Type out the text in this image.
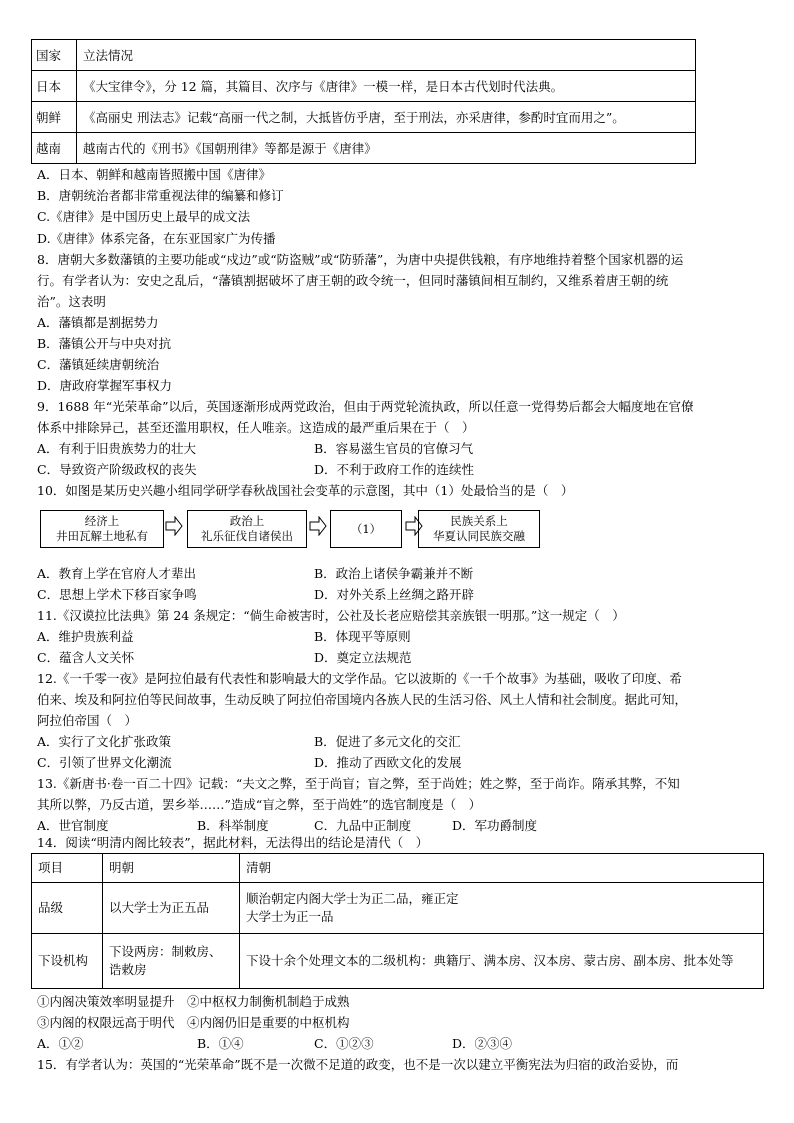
国家	立法情况
日本	《大宝律令》，分 12 篇，其篇目、次序与《唐律》一模一样，是日本古代划时代法典。
朝鲜	《高丽史 刑法志》记载“高丽一代之制，大抵皆仿乎唐，至于刑法，亦采唐律，参酌时宜而用之”。
越南	越南古代的《刑书》《国朝刑律》等都是源于《唐律》
A．日本、朝鲜和越南皆照搬中国《唐律》
B．唐朝统治者都非常重视法律的编纂和修订
C.《唐律》是中国历史上最早的成文法
D.《唐律》体系完备，在东亚国家广为传播
8．唐朝大多数藩镇的主要功能或“戍边”或“防盗贼”或“防骄藩”，为唐中央提供钱粮，有序地维持着整个国家机器的运
行。有学者认为：安史之乱后，“藩镇割据破坏了唐王朝的政令统一，但同时藩镇间相互制约，又维系着唐王朝的统
治”。这表明
A．藩镇都是割据势力
B．藩镇公开与中央对抗
C．藩镇延续唐朝统治
D．唐政府掌握军事权力
9．1688 年“光荣革命”以后，英国逐渐形成两党政治，但由于两党轮流执政，所以任意一党得势后都会大幅度地在官僚
体系中排除异己，甚至还滥用职权，任人唯亲。这造成的最严重后果在于（　）
A．有利于旧贵族势力的壮大	B．容易滋生官员的官僚习气
C．导致资产阶级政权的丧失	D．不利于政府工作的连续性
10．如图是某历史兴趣小组同学研学春秋战国社会变革的示意图，其中（1）处最恰当的是（　）
经济上
井田瓦解土地私有
政治上
礼乐征伐自诸侯出
（1）
民族关系上
华夏认同民族交融
A．教育上学在官府人才辈出	B．政治上诸侯争霸兼并不断
C．思想上学术下移百家争鸣	D．对外关系上丝绸之路开辟
11.《汉谟拉比法典》第 24 条规定：“倘生命被害时，公社及长老应赔偿其亲族银一明那。”这一规定（　）
A．维护贵族利益	B．体现平等原则
C．蕴含人文关怀	D．奠定立法规范
12.《一千零一夜》是阿拉伯最有代表性和影响最大的文学作品。它以波斯的《一千个故事》为基础，吸收了印度、希
伯来、埃及和阿拉伯等民间故事，生动反映了阿拉伯帝国境内各族人民的生活习俗、风土人情和社会制度。据此可知，
阿拉伯帝国（　）
A．实行了文化扩张政策	B．促进了多元文化的交汇
C．引领了世界文化潮流	D．推动了西欧文化的发展
13.《新唐书·卷一百二十四》记载：“夫文之弊，至于尚盲；盲之弊，至于尚姓；姓之弊，至于尚诈。隋承其弊，不知
其所以弊，乃反古道，罢乡举……”造成“盲之弊，至于尚姓”的选官制度是（　）
A．世官制度	B．科举制度	C．九品中正制度	D．军功爵制度
14．阅读“明清内阁比较表”，据此材料，无法得出的结论是清代（　）
项目	明朝	清朝
品级	以大学士为正五品	顺治朝定内阁大学士为正二品，雍正定
大学士为正一品

下设机构	下设两房：制敕房、诰敕房	下设十余个处理文本的二级机构：典籍厅、满本房、汉本房、蒙古房、副本房、批本处等
①内阁决策效率明显提升　②中枢权力制衡机制趋于成熟
③内阁的权限远高于明代　④内阁仍旧是重要的中枢机构
A．①②	B．①④	C．①②③	D．②③④
15．有学者认为：英国的“光荣革命”既不是一次微不足道的政变，也不是一次以建立平衡宪法为归宿的政治妥协，而
